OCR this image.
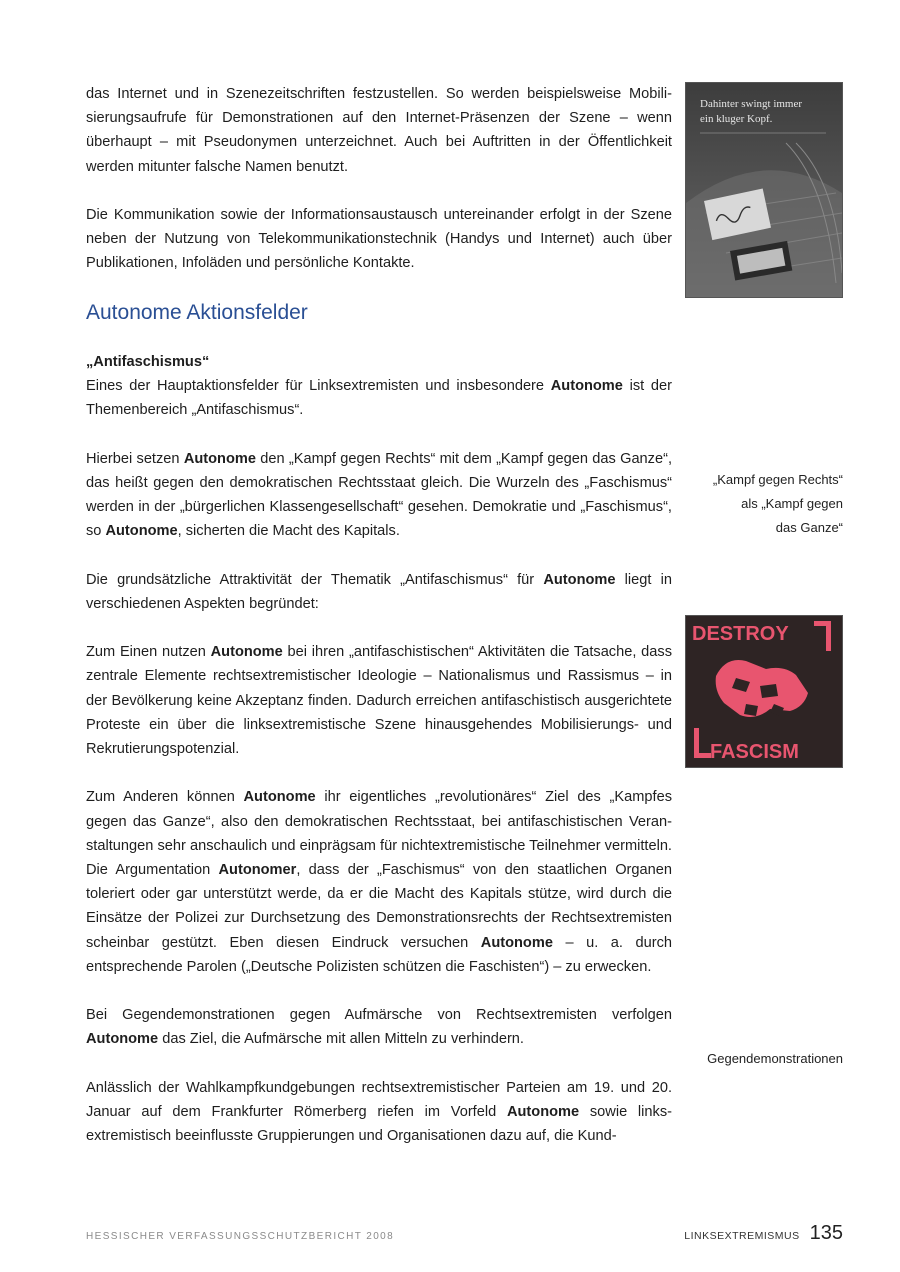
das Internet und in Szenezeitschriften festzustellen. So werden beispielsweise Mobilisierungsaufrufe für Demonstrationen auf den Internet-Präsenzen der Szene – wenn überhaupt – mit Pseudonymen unterzeichnet. Auch bei Auftritten in der Öffentlichkeit werden mitunter falsche Namen benutzt.

Die Kommunikation sowie der Informationsaustausch untereinander erfolgt in der Szene neben der Nutzung von Telekommunikationstechnik (Handys und Internet) auch über Publikationen, Infoläden und persönliche Kontakte.

Autonome Aktionsfelder
„Antifaschismus“

Eines der Hauptaktionsfelder für Linksextremisten und insbesondere Autonome ist der Themenbereich „Antifaschismus“.

Hierbei setzen Autonome den „Kampf gegen Rechts“ mit dem „Kampf gegen das Ganze“, das heißt gegen den demokratischen Rechtsstaat gleich. Die Wurzeln des „Faschismus“ werden in der „bürgerlichen Klassengesellschaft“ gesehen. Demokratie und „Faschismus“, so Autonome, sicherten die Macht des Kapitals.

Die grundsätzliche Attraktivität der Thematik „Antifaschismus“ für Autonome liegt in verschiedenen Aspekten begründet:

Zum Einen nutzen Autonome bei ihren „antifaschistischen“ Aktivitäten die Tatsache, dass zentrale Elemente rechtsextremistischer Ideologie – Nationalismus und Rassismus – in der Bevölkerung keine Akzeptanz finden. Dadurch erreichen antifaschistisch ausgerichtete Proteste ein über die linksextremistische Szene hinausgehendes Mobilisierungs- und Rekrutierungspotenzial.

Zum Anderen können Autonome ihr eigentliches „revolutionäres“ Ziel des „Kampfes gegen das Ganze“, also den demokratischen Rechtsstaat, bei antifaschistischen Veranstaltungen sehr anschaulich und einprägsam für nichtextremistische Teilnehmer vermitteln. Die Argumentation Autonomer, dass der „Faschismus“ von den staatlichen Organen toleriert oder gar unterstützt werde, da er die Macht des Kapitals stütze, wird durch die Einsätze der Polizei zur Durchsetzung des Demonstrationsrechts der Rechtsextremisten scheinbar gestützt. Eben diesen Eindruck versuchen Autonome – u. a. durch entsprechende Parolen („Deutsche Polizisten schützen die Faschisten“) – zu erwecken.

Bei Gegendemonstrationen gegen Aufmärsche von Rechtsextremisten verfolgen Autonome das Ziel, die Aufmärsche mit allen Mitteln zu verhindern.

Anlässlich der Wahlkampfkundgebungen rechtsextremistischer Parteien am 19. und 20. Januar auf dem Frankfurter Römerberg riefen im Vorfeld Autonome sowie linksextremistisch beeinflusste Gruppierungen und Organisationen dazu auf, die Kund-

Dahinter swingt immer
ein kluger Kopf.
DESTROY
FASCISM
„Kampf gegen Rechts“
als „Kampf gegen
das Ganze“
Gegendemonstrationen
HESSISCHER VERFASSUNGSSCHUTZBERICHT 2008	LINKSEXTREMISMUS 135
